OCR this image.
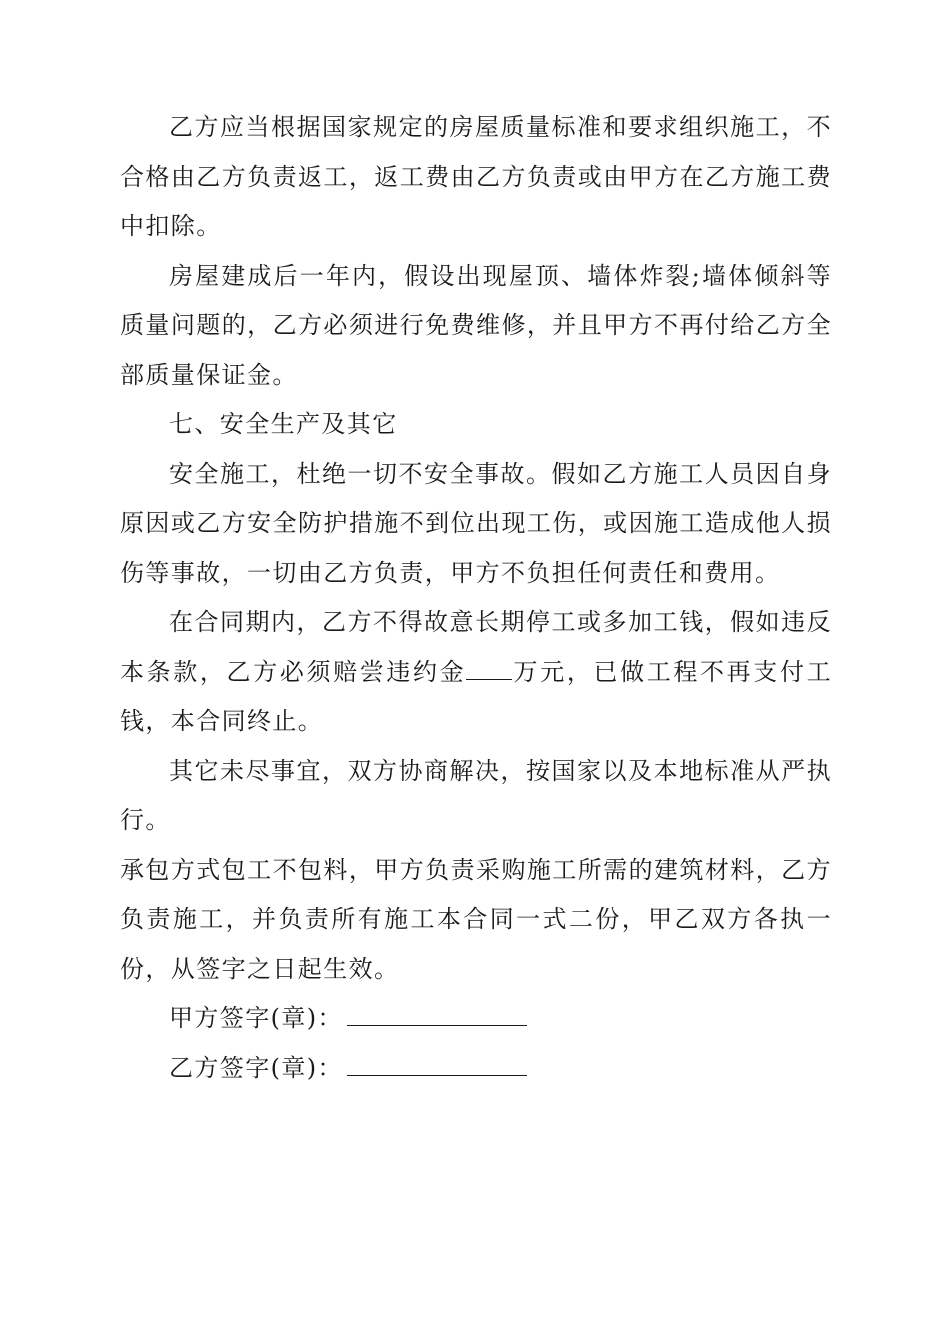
乙方应当根据国家规定的房屋质量标准和要求组织施工，不合格由乙方负责返工，返工费由乙方负责或由甲方在乙方施工费中扣除。

房屋建成后一年内，假设出现屋顶、墙体炸裂;墙体倾斜等质量问题的，乙方必须进行免费维修，并且甲方不再付给乙方全部质量保证金。

七、安全生产及其它

安全施工，杜绝一切不安全事故。假如乙方施工人员因自身原因或乙方安全防护措施不到位出现工伤，或因施工造成他人损伤等事故，一切由乙方负责，甲方不负担任何责任和费用。

在合同期内，乙方不得故意长期停工或多加工钱，假如违反本条款，乙方必须赔尝违约金 万元，已做工程不再支付工钱，本合同终止。

其它未尽事宜，双方协商解决，按国家以及本地标准从严执行。

承包方式包工不包料，甲方负责采购施工所需的建筑材料，乙方负责施工，并负责所有施工本合同一式二份，甲乙双方各执一份，从签字之日起生效。

甲方签字(章)：

乙方签字(章)：
